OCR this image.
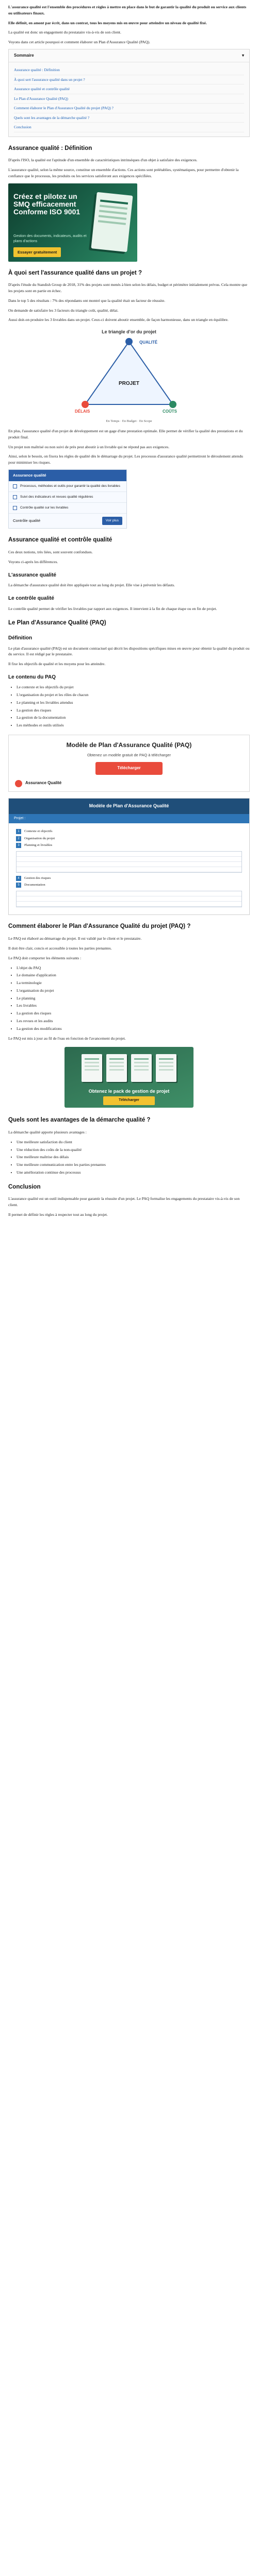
L'assurance qualité est l'ensemble des procédures et règles à mettre en place dans le but de garantir la qualité du produit ou service aux clients ou utilisateurs finaux.

Elle définit, en amont par écrit, dans un contrat, tous les moyens mis en œuvre pour atteindre un niveau de qualité fixé.

La qualité est donc un engagement du prestataire vis-à-vis de son client.

Voyons dans cet article pourquoi et comment élaborer un Plan d'Assurance Qualité (PAQ).

Sommaire	▾
Assurance qualité : Définition
À quoi sert l'assurance qualité dans un projet ?
Assurance qualité et contrôle qualité
Le Plan d'Assurance Qualité (PAQ)
Comment élaborer le Plan d'Assurance Qualité du projet (PAQ) ?
Quels sont les avantages de la démarche qualité ?
Conclusion
Assurance qualité : Définition

D'après l'ISO, la qualité est l'aptitude d'un ensemble de caractéristiques intrinsèques d'un objet à satisfaire des exigences.

L'assurance qualité, selon la même source, constitue un ensemble d'actions. Ces actions sont préétablies, systématiques, pour permettre d'obtenir la confiance que le processus, les produits ou les services satisferont aux exigences spécifiées.

Créez et pilotez un SMQ efficacement Conforme ISO 9001
Gestion des documents, indicateurs, audits et plans d'actions
Essayer gratuitement
À quoi sert l'assurance qualité dans un projet ?

D'après l'étude du Standish Group de 2018, 31% des projets sont menés à bien selon les délais, budget et périmètre initialement prévus. Cela montre que les projets sont en partie en échec.

Dans le top 5 des résultats : 7% des répondants ont montré que la qualité était un facteur de réussite.

On demande de satisfaire les 3 facteurs du triangle coût, qualité, délai.

Aussi doit-on produire les 3 livrables dans un projet. Ceux-ci doivent aboutir ensemble, de façon harmonieuse, dans un triangle en équilibre.

Le triangle d'or du projet
QUALITÉ
DÉLAIS	COÛTS
PROJET
En Temps · En Budget · En Scope

En plus, l'assurance qualité d'un projet de développement est un gage d'une prestation optimale. Elle permet de vérifier la qualité des prestations et du produit final.

Un projet non maîtrisé ou non suivi de près peut aboutir à un livrable qui ne répond pas aux exigences.

Ainsi, selon le besoin, on fixera les règles de qualité dès le démarrage du projet. Les processus d'assurance qualité permettront le déroulement attendu pour minimiser les risques.

Assurance qualité
Processus, méthodes et outils pour garantir la qualité des livrables
Suivi des indicateurs et revues qualité régulières
Contrôle qualité sur les livrables
Contrôle qualité	Voir plus
Assurance qualité et contrôle qualité

Ces deux notions, très liées, sont souvent confondues.

Voyons ci-après les différences.

L'assurance qualité

La démarche d'assurance qualité doit être appliquée tout au long du projet. Elle vise à prévenir les défauts.

Le contrôle qualité

Le contrôle qualité permet de vérifier les livrables par rapport aux exigences. Il intervient à la fin de chaque étape ou en fin de projet.

Le Plan d'Assurance Qualité (PAQ)
Définition

Le plan d'assurance qualité (PAQ) est un document contractuel qui décrit les dispositions spécifiques mises en œuvre pour obtenir la qualité du produit ou du service. Il est rédigé par le prestataire.

Il fixe les objectifs de qualité et les moyens pour les atteindre.

Le contenu du PAQ
• Le contexte et les objectifs du projet
• L'organisation du projet et les rôles de chacun
• Le planning et les livrables attendus
• La gestion des risques
• La gestion de la documentation
• Les méthodes et outils utilisés
Modèle de Plan d'Assurance Qualité (PAQ)
Obtenez un modèle gratuit de PAQ à télécharger
Télécharger
Assurance Qualité
Modèle de Plan d'Assurance Qualité
Projet :
1	Contexte et objectifs
2	Organisation du projet
3	Planning et livrables
4	Gestion des risques
5	Documentation
Comment élaborer le Plan d'Assurance Qualité du projet (PAQ) ?

Le PAQ est élaboré au démarrage du projet. Il est validé par le client et le prestataire.

Il doit être clair, concis et accessible à toutes les parties prenantes.

Le PAQ doit comporter les éléments suivants :

• L'objet du PAQ
• Le domaine d'application
• La terminologie
• L'organisation du projet
• Le planning
• Les livrables
• La gestion des risques
• Les revues et les audits
• La gestion des modifications

Le PAQ est mis à jour au fil de l'eau en fonction de l'avancement du projet.

Obtenez le pack de gestion de projet
Télécharger
Quels sont les avantages de la démarche qualité ?

La démarche qualité apporte plusieurs avantages :

• Une meilleure satisfaction du client
• Une réduction des coûts de la non-qualité
• Une meilleure maîtrise des délais
• Une meilleure communication entre les parties prenantes
• Une amélioration continue des processus
Conclusion

L'assurance qualité est un outil indispensable pour garantir la réussite d'un projet. Le PAQ formalise les engagements du prestataire vis-à-vis de son client.

Il permet de définir les règles à respecter tout au long du projet.
